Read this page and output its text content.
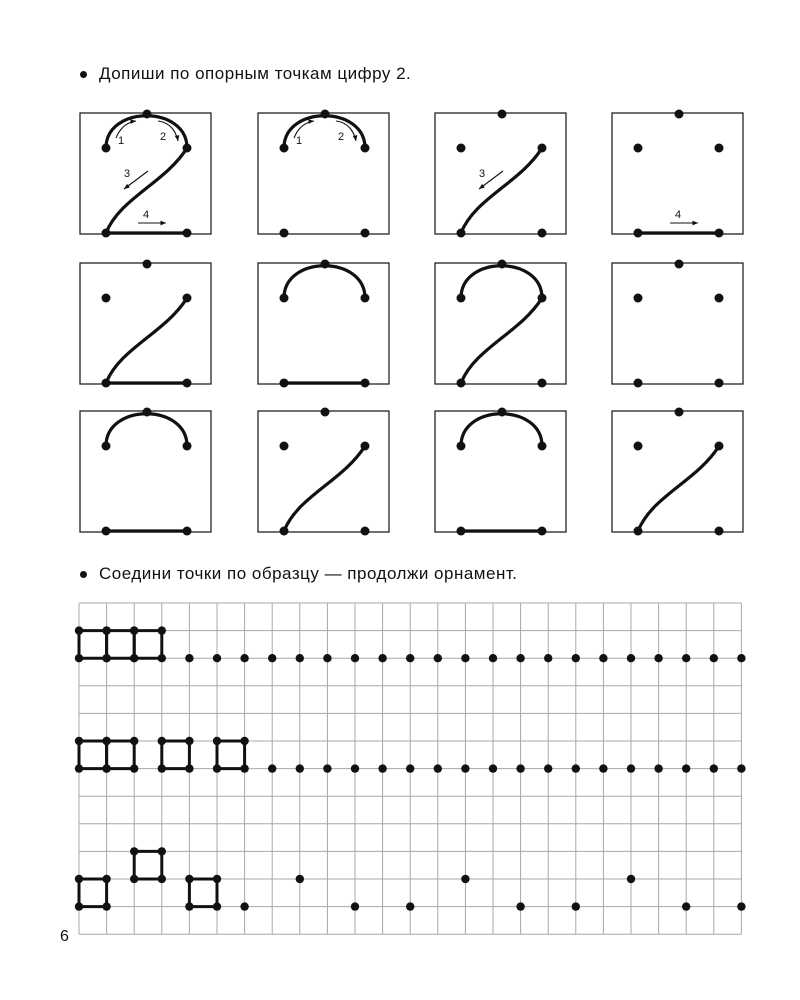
Допиши по опорным точкам цифру 2.
Соедини точки по образцу — продолжи орнамент.
1	2
3
4
1	2
3
4
6
